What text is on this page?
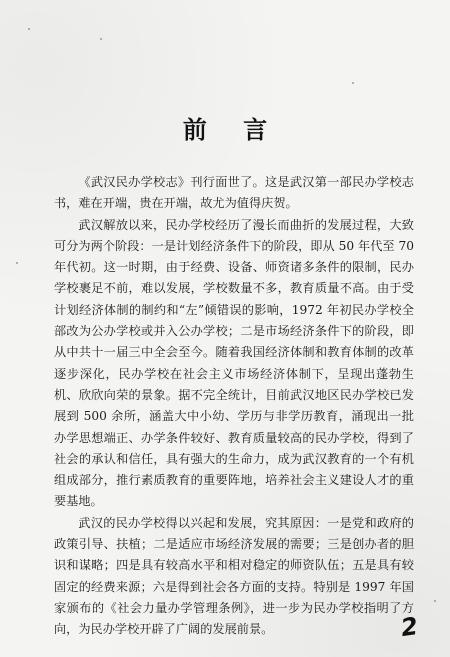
前 言

《武汉民办学校志》刊行面世了。这是武汉第一部民办学校志书，难在开端，贵在开端，故尤为值得庆贺。

武汉解放以来，民办学校经历了漫长而曲折的发展过程，大致可分为两个阶段：一是计划经济条件下的阶段，即从 50 年代至 70 年代初。这一时期，由于经费、设备、师资诸多条件的限制，民办学校裹足不前，难以发展，学校数量不多，教育质量不高。由于受计划经济体制的制约和“左”倾错误的影响，1972 年初民办学校全部改为公办学校或并入公办学校；二是市场经济条件下的阶段，即从中共十一届三中全会至今。随着我国经济体制和教育体制的改革逐步深化，民办学校在社会主义市场经济体制下，呈现出蓬勃生机、欣欣向荣的景象。据不完全统计，目前武汉地区民办学校已发展到 500 余所，涵盖大中小幼、学历与非学历教育，涌现出一批办学思想端正、办学条件较好、教育质量较高的民办学校，得到了社会的承认和信任，具有强大的生命力，成为武汉教育的一个有机组成部分，推行素质教育的重要阵地，培养社会主义建设人才的重要基地。

武汉的民办学校得以兴起和发展，究其原因：一是党和政府的政策引导、扶植；二是适应市场经济发展的需要；三是创办者的胆识和谋略；四是具有较高水平和相对稳定的师资队伍；五是具有较固定的经费来源；六是得到社会各方面的支持。特别是 1997 年国家颁布的《社会力量办学管理条例》，进一步为民办学校指明了方向，为民办学校开辟了广阔的发展前景。	2
